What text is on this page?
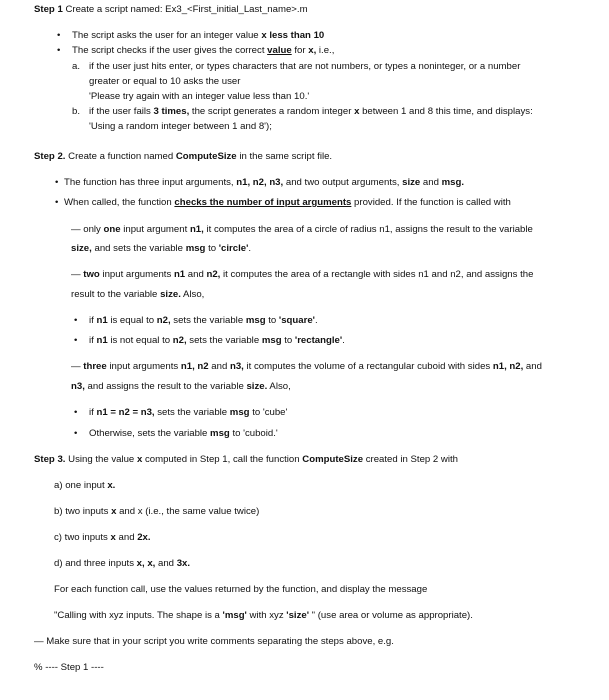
Step 1 Create a script named: Ex3_<First_initial_Last_name>.m
• The script asks the user for an integer value x less than 10
• The script checks if the user gives the correct value for x, i.e.,
a. if the user just hits enter, or types characters that are not numbers, or types a noninteger, or a number
greater or equal to 10 asks the user
'Please try again with an integer value less than 10.'
b. if the user fails 3 times, the script generates a random integer x between 1 and 8 this time, and displays:
'Using a random integer between 1 and 8');
Step 2. Create a function named ComputeSize in the same script file.
• The function has three input arguments, n1, n2, n3, and two output arguments, size and msg.
• When called, the function checks the number of input arguments provided. If the function is called with
— only one input argument n1, it computes the area of a circle of radius n1, assigns the result to the variable
size, and sets the variable msg to 'circle'.
— two input arguments n1 and n2, it computes the area of a rectangle with sides n1 and n2, and assigns the
result to the variable size. Also,
• if n1 is equal to n2, sets the variable msg to 'square'.
• if n1 is not equal to n2, sets the variable msg to 'rectangle'.
— three input arguments n1, n2 and n3, it computes the volume of a rectangular cuboid with sides n1, n2, and
n3, and assigns the result to the variable size. Also,
• if n1 = n2 = n3, sets the variable msg to 'cube'
• Otherwise, sets the variable msg to 'cuboid.'
Step 3. Using the value x computed in Step 1, call the function ComputeSize created in Step 2 with
a) one input x.
b) two inputs x and x (i.e., the same value twice)
c) two inputs x and 2x.
d) and three inputs x, x, and 3x.
For each function call, use the values returned by the function, and display the message
"Calling with xyz inputs. The shape is a 'msg' with xyz 'size' " (use area or volume as appropriate).
— Make sure that in your script you write comments separating the steps above, e.g.
% ---- Step 1 ----
